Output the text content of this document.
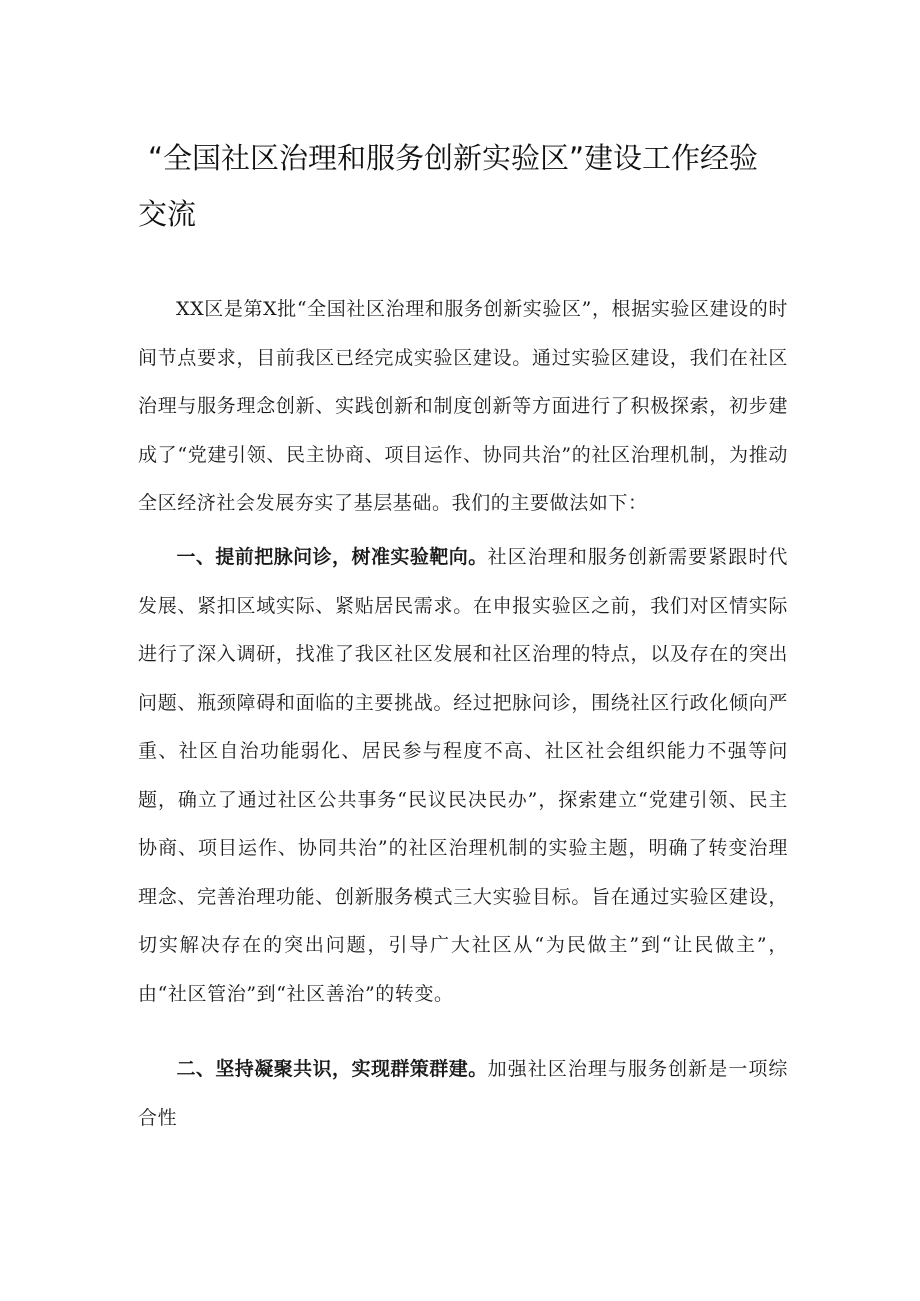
“全国社区治理和服务创新实验区”建设工作经验
交流

XX区是第X批“全国社区治理和服务创新实验区”，根据实验区建设的时间节点要求，目前我区已经完成实验区建设。通过实验区建设，我们在社区治理与服务理念创新、实践创新和制度创新等方面进行了积极探索，初步建成了“党建引领、民主协商、项目运作、协同共治”的社区治理机制，为推动全区经济社会发展夯实了基层基础。我们的主要做法如下：

一、提前把脉问诊，树准实验靶向。社区治理和服务创新需要紧跟时代发展、紧扣区域实际、紧贴居民需求。在申报实验区之前，我们对区情实际进行了深入调研，找准了我区社区发展和社区治理的特点，以及存在的突出问题、瓶颈障碍和面临的主要挑战。经过把脉问诊，围绕社区行政化倾向严重、社区自治功能弱化、居民参与程度不高、社区社会组织能力不强等问题，确立了通过社区公共事务“民议民决民办”，探索建立“党建引领、民主协商、项目运作、协同共治”的社区治理机制的实验主题，明确了转变治理理念、完善治理功能、创新服务模式三大实验目标。旨在通过实验区建设，切实解决存在的突出问题，引导广大社区从“为民做主”到“让民做主”，由“社区管治”到“社区善治”的转变。

二、坚持凝聚共识，实现群策群建。加强社区治理与服务创新是一项综合性
